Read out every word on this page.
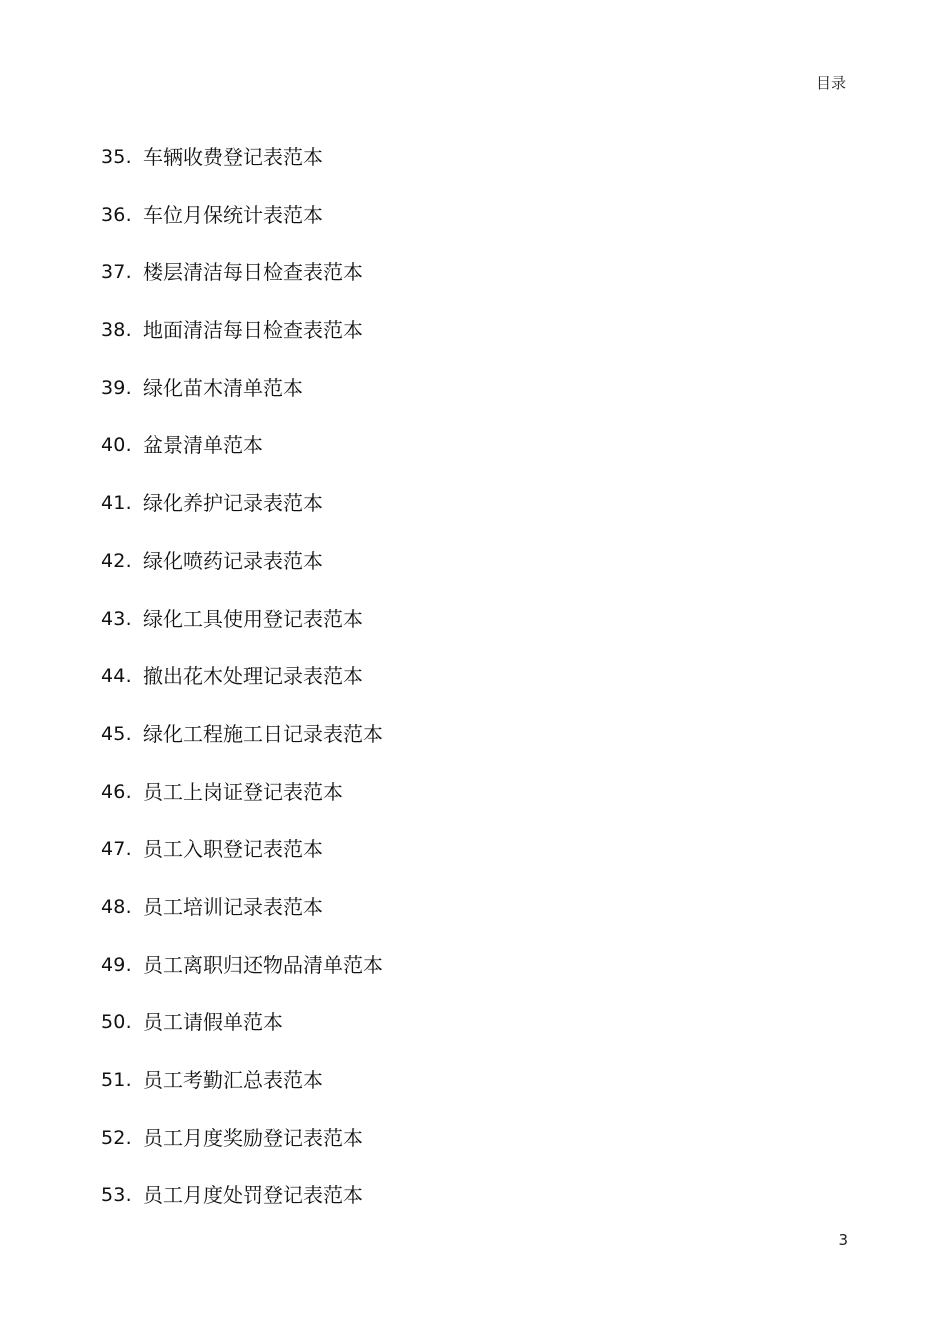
目录
35. 车辆收费登记表范本
36. 车位月保统计表范本
37. 楼层清洁每日检查表范本
38. 地面清洁每日检查表范本
39. 绿化苗木清单范本
40. 盆景清单范本
41. 绿化养护记录表范本
42. 绿化喷药记录表范本
43. 绿化工具使用登记表范本
44. 撤出花木处理记录表范本
45. 绿化工程施工日记录表范本
46. 员工上岗证登记表范本
47. 员工入职登记表范本
48. 员工培训记录表范本
49. 员工离职归还物品清单范本
50. 员工请假单范本
51. 员工考勤汇总表范本
52. 员工月度奖励登记表范本
53. 员工月度处罚登记表范本
3
